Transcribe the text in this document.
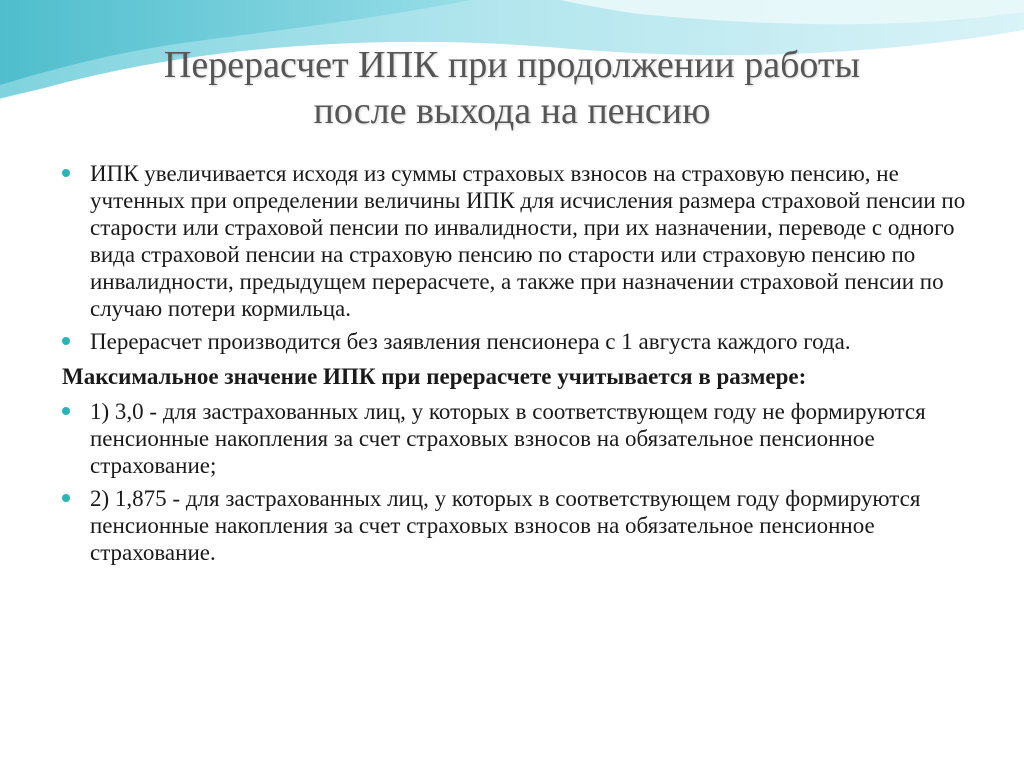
Перерасчет ИПК при продолжении работы
после выхода на пенсию
ИПК увеличивается исходя из суммы страховых взносов на страховую пенсию, не учтенных при определении величины ИПК для исчисления размера страховой пенсии по старости или страховой пенсии по инвалидности, при их назначении, переводе с одного вида страховой пенсии на страховую пенсию по старости или страховую пенсию по инвалидности, предыдущем перерасчете, а также при назначении страховой пенсии по случаю потери кормильца.
Перерасчет производится без заявления пенсионера с 1 августа каждого года.
Максимальное значение ИПК при перерасчете учитывается в размере:
1) 3,0 - для застрахованных лиц, у которых в соответствующем году не формируются пенсионные накопления за счет страховых взносов на обязательное пенсионное страхование;
2) 1,875 - для застрахованных лиц, у которых в соответствующем году формируются пенсионные накопления за счет страховых взносов на обязательное пенсионное страхование.
